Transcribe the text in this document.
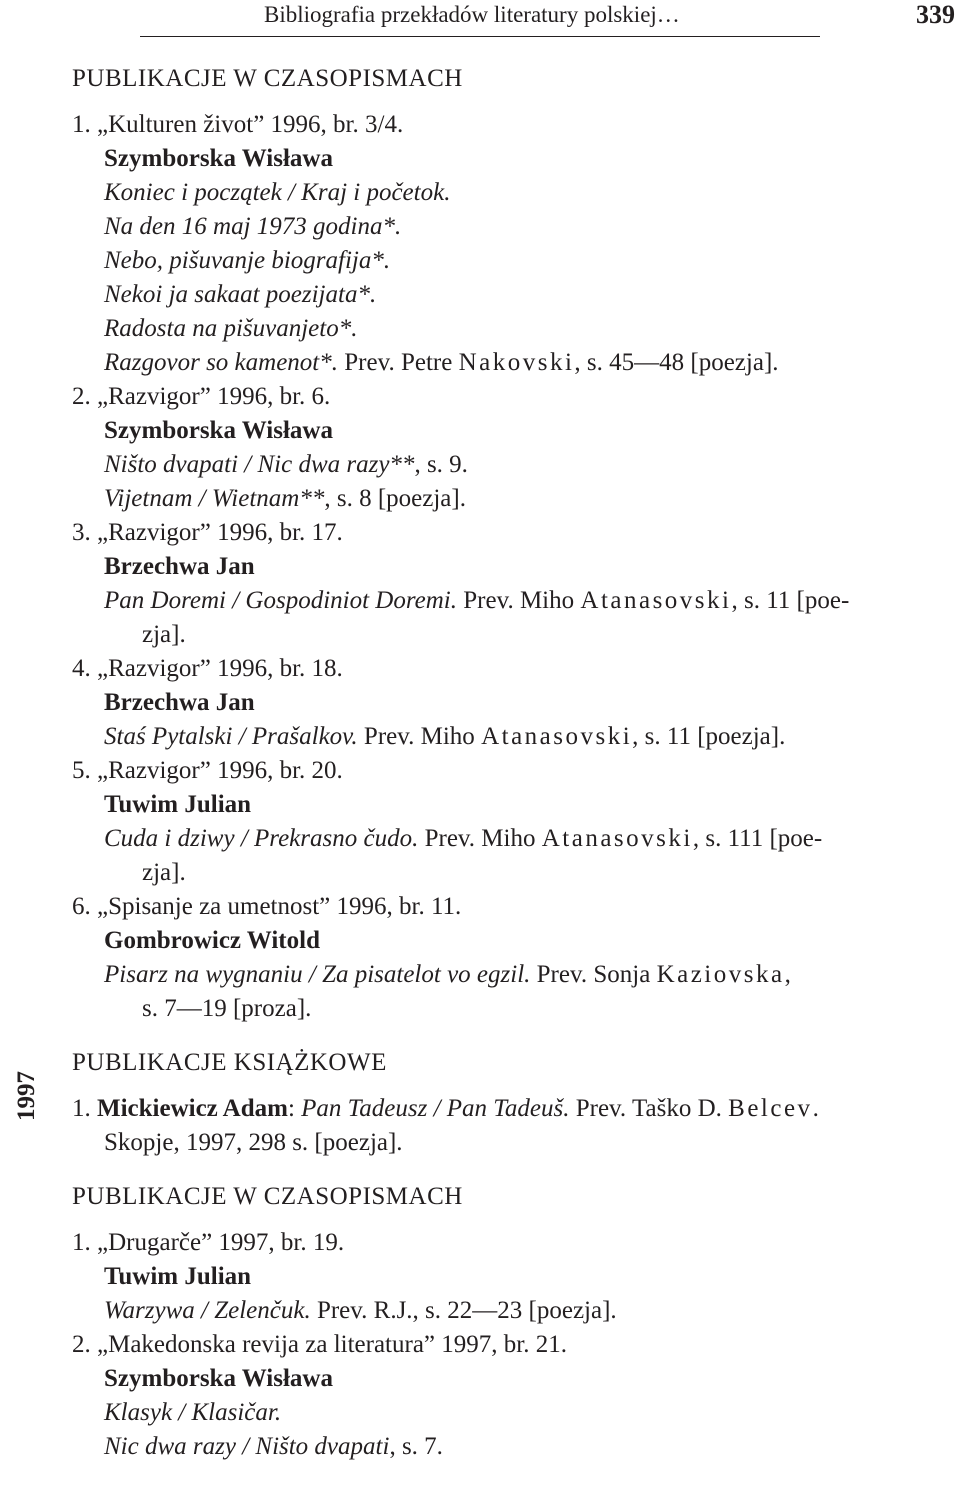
Bibliografia przekładów literatury polskiej…	339
1997
PUBLIKACJE W CZASOPISMACH
1. „Kulturen život” 1996, br. 3/4.
Szymborska Wisława
Koniec i początek / Kraj i početok.
Na den 16 maj 1973 godina*.
Nebo, pišuvanje biografija*.
Nekoi ja sakaat poezijata*.
Radosta na pišuvanjeto*.
Razgovor so kamenot*. Prev. Petre Nakovski, s. 45—48 [poezja].
2. „Razvigor” 1996, br. 6.
Szymborska Wisława
Ništo dvapati / Nic dwa razy**, s. 9.
Vijetnam / Wietnam**, s. 8 [poezja].
3. „Razvigor” 1996, br. 17.
Brzechwa Jan
Pan Doremi / Gospodiniot Doremi. Prev. Miho Atanasovski, s. 11 [poe-
zja].
4. „Razvigor” 1996, br. 18.
Brzechwa Jan
Staś Pytalski / Prašalkov. Prev. Miho Atanasovski, s. 11 [poezja].
5. „Razvigor” 1996, br. 20.
Tuwim Julian
Cuda i dziwy / Prekrasno čudo. Prev. Miho Atanasovski, s. 111 [poe-
zja].
6. „Spisanje za umetnost” 1996, br. 11.
Gombrowicz Witold
Pisarz na wygnaniu / Za pisatelot vo egzil. Prev. Sonja Kaziovska,
s. 7—19 [proza].
PUBLIKACJE KSIĄŻKOWE
1. Mickiewicz Adam: Pan Tadeusz / Pan Tadeuš. Prev. Taško D. Belcev.
Skopje, 1997, 298 s. [poezja].
PUBLIKACJE W CZASOPISMACH
1. „Drugarče” 1997, br. 19.
Tuwim Julian
Warzywa / Zelenčuk. Prev. R.J., s. 22—23 [poezja].
2. „Makedonska revija za literatura” 1997, br. 21.
Szymborska Wisława
Klasyk / Klasičar.
Nic dwa razy / Ništo dvapati, s. 7.
